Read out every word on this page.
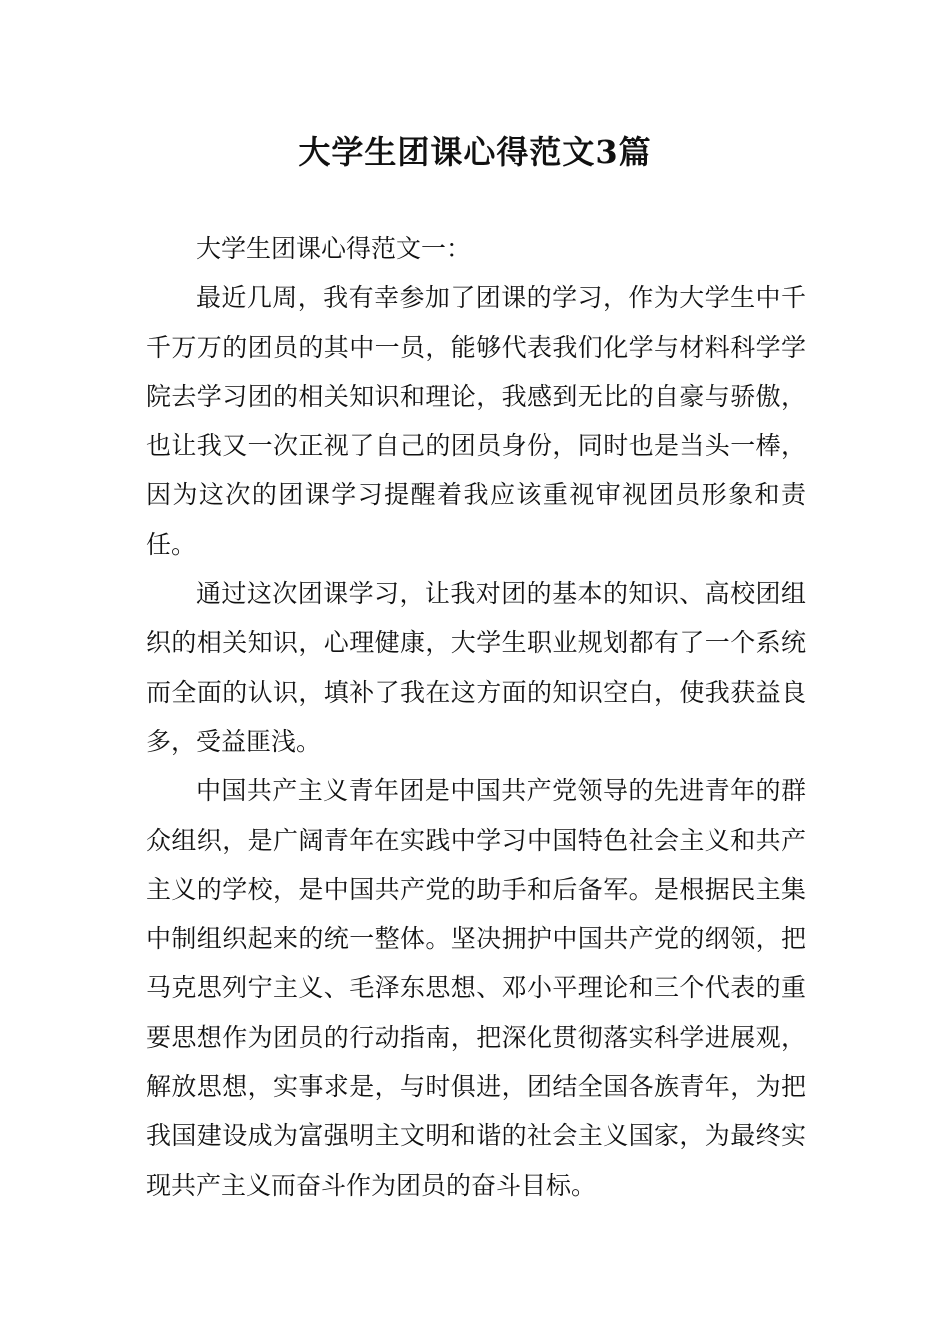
大学生团课心得范文3篇

大学生团课心得范文一：

最近几周，我有幸参加了团课的学习，作为大学生中千千万万的团员的其中一员，能够代表我们化学与材料科学学院去学习团的相关知识和理论，我感到无比的自豪与骄傲，也让我又一次正视了自己的团员身份，同时也是当头一棒，因为这次的团课学习提醒着我应该重视审视团员形象和责任。

通过这次团课学习，让我对团的基本的知识、高校团组织的相关知识，心理健康，大学生职业规划都有了一个系统而全面的认识，填补了我在这方面的知识空白，使我获益良多，受益匪浅。

中国共产主义青年团是中国共产党领导的先进青年的群众组织，是广阔青年在实践中学习中国特色社会主义和共产主义的学校，是中国共产党的助手和后备军。是根据民主集中制组织起来的统一整体。坚决拥护中国共产党的纲领，把马克思列宁主义、毛泽东思想、邓小平理论和三个代表的重要思想作为团员的行动指南，把深化贯彻落实科学进展观，解放思想，实事求是，与时俱进，团结全国各族青年，为把我国建设成为富强明主文明和谐的社会主义国家，为最终实现共产主义而奋斗作为团员的奋斗目标。
